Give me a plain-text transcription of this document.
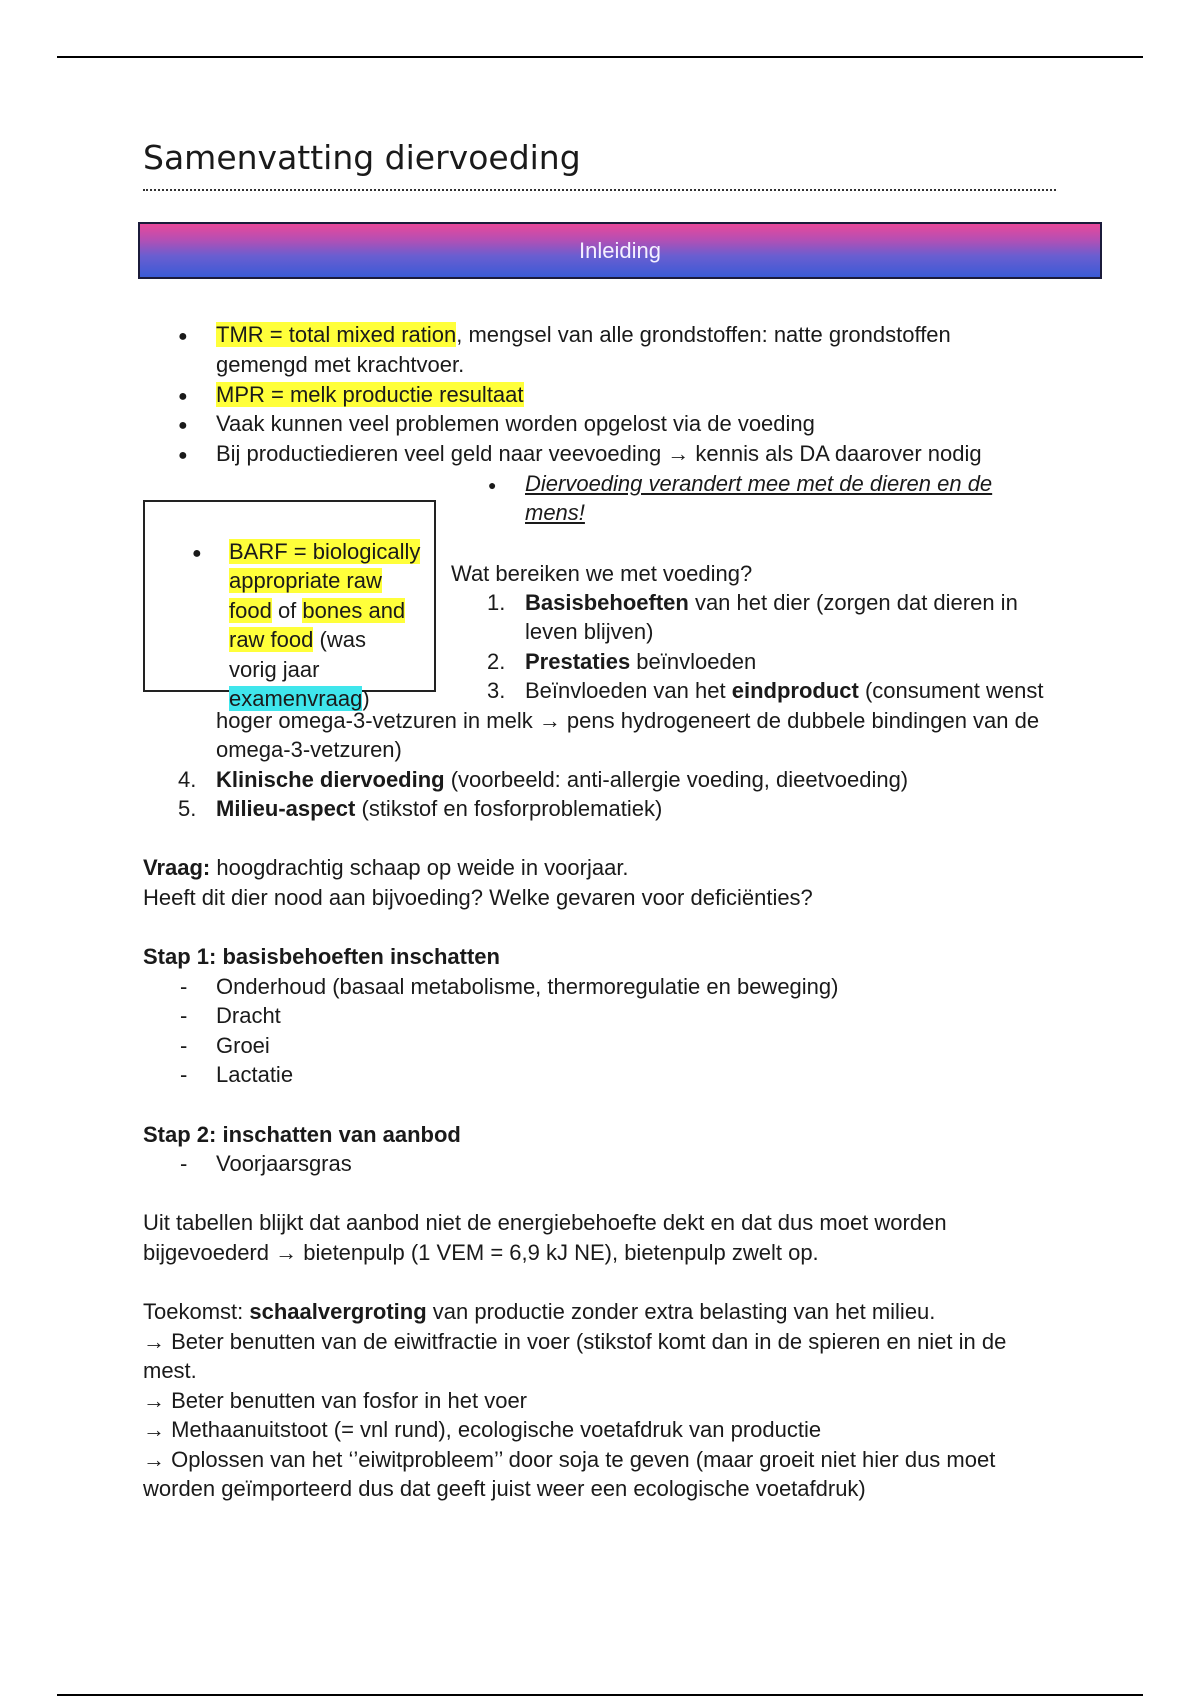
Samenvatting diervoeding
Inleiding
● TMR = total mixed ration, mengsel van alle grondstoffen: natte grondstoffen
gemengd met krachtvoer.
● MPR = melk productie resultaat
● Vaak kunnen veel problemen worden opgelost via de voeding
● Bij productiedieren veel geld naar veevoeding → kennis als DA daarover nodig
● Diervoeding verandert mee met de dieren en de
mens!
● BARF = biologically
appropriate raw
food of bones and
raw food (was
vorig jaar
examenvraag)
Wat bereiken we met voeding?
1. Basisbehoeften van het dier (zorgen dat dieren in
leven blijven)
2. Prestaties beïnvloeden
3. Beïnvloeden van het eindproduct (consument wenst
hoger omega-3-vetzuren in melk → pens hydrogeneert de dubbele bindingen van de
omega-3-vetzuren)
4. Klinische diervoeding (voorbeeld: anti-allergie voeding, dieetvoeding)
5. Milieu-aspect (stikstof en fosforproblematiek)
Vraag: hoogdrachtig schaap op weide in voorjaar.
Heeft dit dier nood aan bijvoeding? Welke gevaren voor deficiënties?
Stap 1: basisbehoeften inschatten
- Onderhoud (basaal metabolisme, thermoregulatie en beweging)
- Dracht
- Groei
- Lactatie
Stap 2: inschatten van aanbod
- Voorjaarsgras
Uit tabellen blijkt dat aanbod niet de energiebehoefte dekt en dat dus moet worden
bijgevoederd → bietenpulp (1 VEM = 6,9 kJ NE), bietenpulp zwelt op.
Toekomst: schaalvergroting van productie zonder extra belasting van het milieu.
→ Beter benutten van de eiwitfractie in voer (stikstof komt dan in de spieren en niet in de
mest.
→ Beter benutten van fosfor in het voer
→ Methaanuitstoot (= vnl rund), ecologische voetafdruk van productie
→ Oplossen van het ‘’eiwitprobleem’’ door soja te geven (maar groeit niet hier dus moet
worden geïmporteerd dus dat geeft juist weer een ecologische voetafdruk)
